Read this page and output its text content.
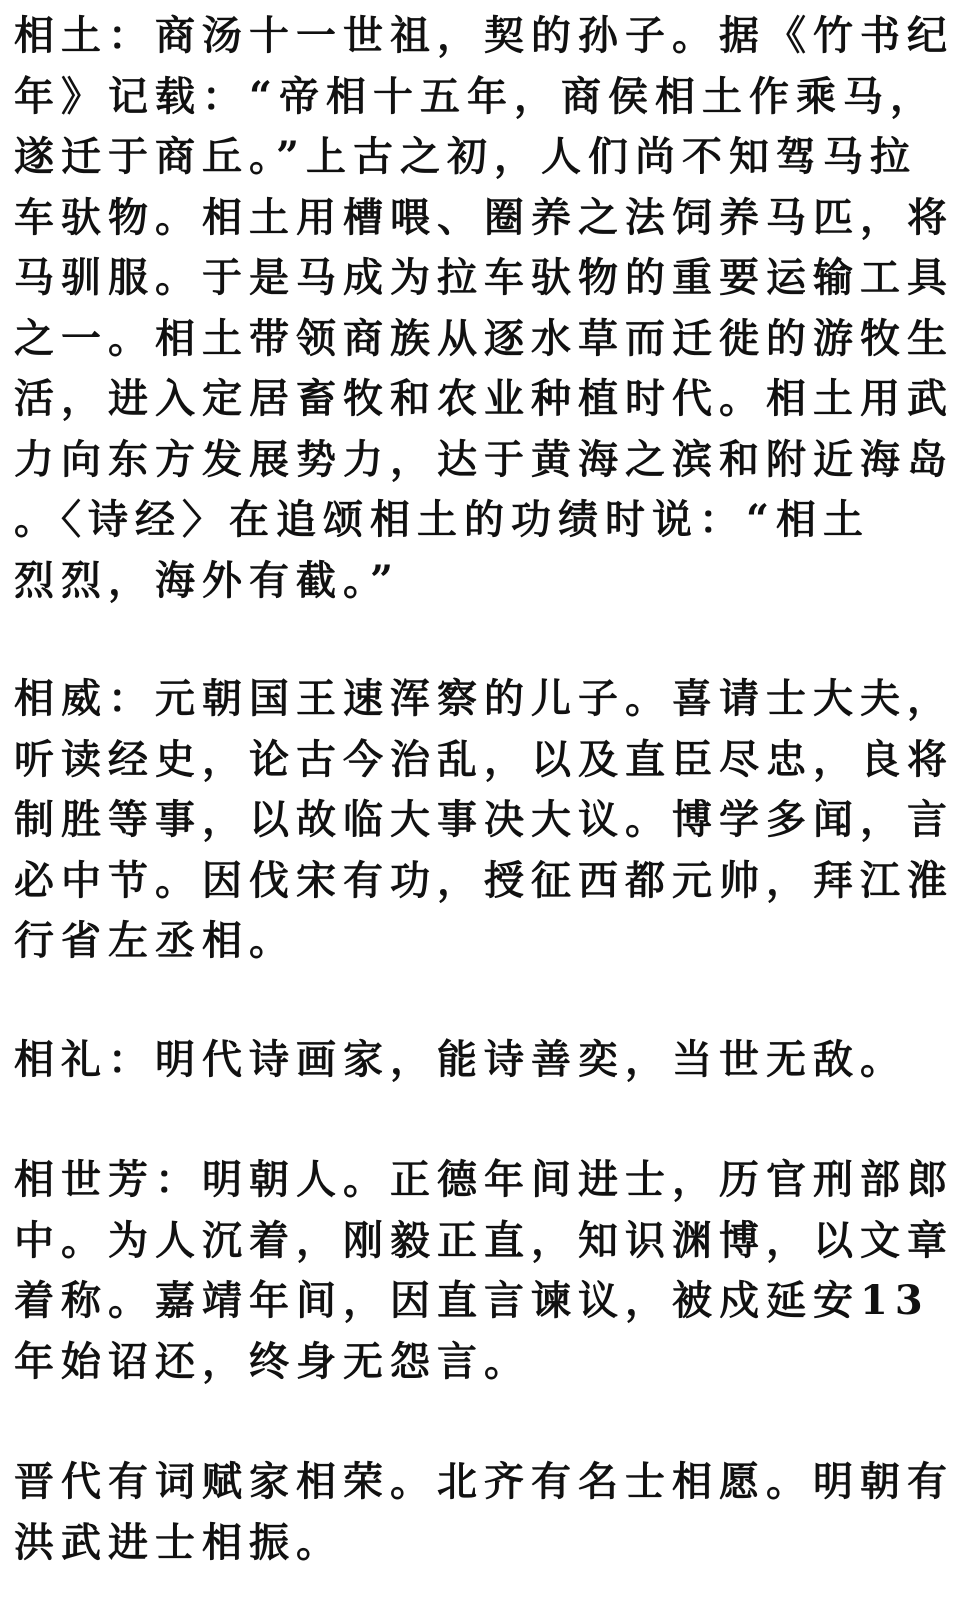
相土：商汤十一世祖，契的孙子。据《竹书纪
年》记载：“帝相十五年，商侯相土作乘马，
遂迁于商丘。”上古之初，人们尚不知驾马拉
车驮物。相土用槽喂、圈养之法饲养马匹，将
马驯服。于是马成为拉车驮物的重要运输工具
之一。相土带领商族从逐水草而迁徙的游牧生
活，进入定居畜牧和农业种植时代。相土用武
力向东方发展势力，达于黄海之滨和附近海岛
。〈诗经〉在追颂相土的功绩时说：“相土
烈烈，海外有截。”
相威：元朝国王速浑察的儿子。喜请士大夫，
听读经史，论古今治乱，以及直臣尽忠，良将
制胜等事，以故临大事决大议。博学多闻，言
必中节。因伐宋有功，授征西都元帅，拜江淮
行省左丞相。
相礼：明代诗画家，能诗善奕，当世无敌。
相世芳：明朝人。正德年间进士，历官刑部郎
中。为人沉着，刚毅正直，知识渊博，以文章
着称。嘉靖年间，因直言谏议，被戍延安13
年始诏还，终身无怨言。
晋代有词赋家相荣。北齐有名士相愿。明朝有
洪武进士相振。
